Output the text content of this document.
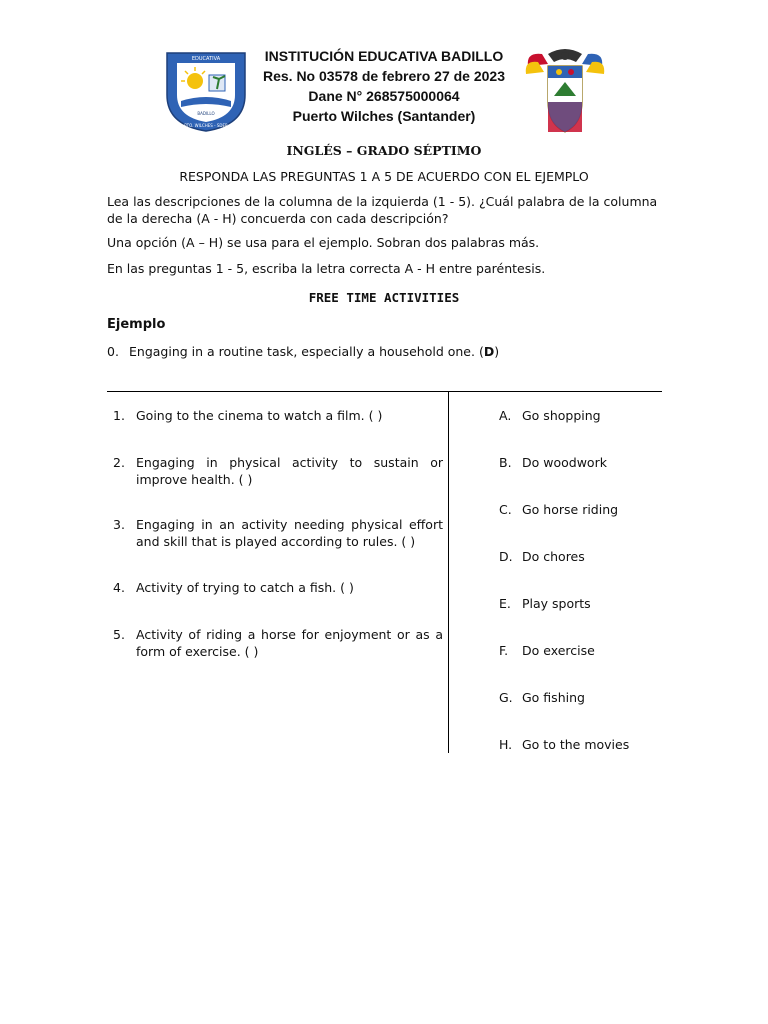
EDUCATIVA
BADILLO
PTO. WILCHES - SDER
INSTITUCIÓN EDUCATIVA BADILLO
Res. No 03578 de febrero 27 de 2023
Dane N° 268575000064
Puerto Wilches (Santander)
INGLÉS – GRADO SÉPTIMO
RESPONDA LAS PREGUNTAS 1 A 5 DE ACUERDO CON EL EJEMPLO
Lea las descripciones de la columna de la izquierda (1 - 5). ¿Cuál palabra de la columna de la derecha (A - H) concuerda con cada descripción?
Una opción (A – H) se usa para el ejemplo. Sobran dos palabras más.
En las preguntas 1 - 5, escriba la letra correcta A - H entre paréntesis.
FREE TIME ACTIVITIES
Ejemplo
0. Engaging in a routine task, especially a household one. (D)
1. Going to the cinema to watch a film. ( )
2. Engaging in physical activity to sustain or improve health. ( )
3. Engaging in an activity needing physical effort and skill that is played according to rules. ( )
4. Activity of trying to catch a fish. ( )
5. Activity of riding a horse for enjoyment or as a form of exercise. ( )
A. Go shopping
B. Do woodwork
C. Go horse riding
D. Do chores
E. Play sports
F. Do exercise
G. Go fishing
H. Go to the movies
